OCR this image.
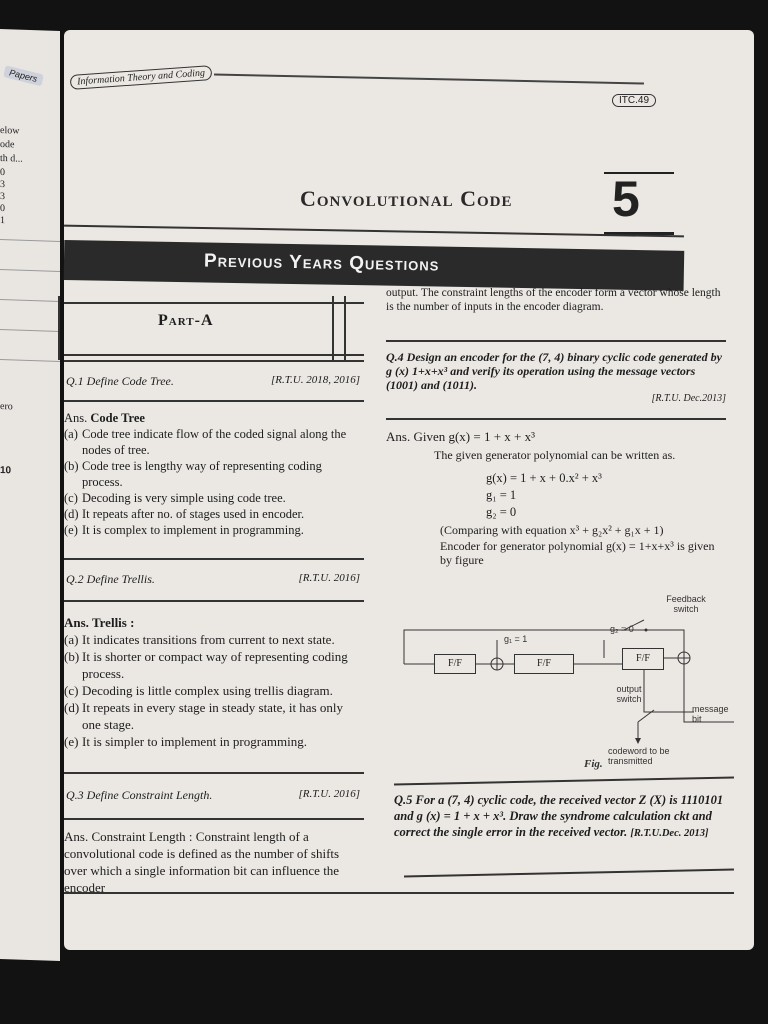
Papers
elow
ode
th d...
0
3
3
0
1
ero
10
Information Theory and Coding
ITC.49
Convolutional Code 5
Previous Years Questions
Part-A
Q.1 Define Code Tree.	[R.T.U. 2018, 2016]
Ans. Code Tree
(a) Code tree indicate flow of the coded signal along the nodes of tree.
(b) Code tree is lengthy way of representing coding process.
(c) Decoding is very simple using code tree.
(d) It repeats after no. of stages used in encoder.
(e) It is complex to implement in programming.
Q.2 Define Trellis.	[R.T.U. 2016]
Ans. Trellis :
(a) It indicates transitions from current to next state.
(b) It is shorter or compact way of representing coding process.
(c) Decoding is little complex using trellis diagram.
(d) It repeats in every stage in steady state, it has only one stage.
(e) It is simpler to implement in programming.
Q.3 Define Constraint Length.	[R.T.U. 2016]
Ans. Constraint Length : Constraint length of a convolutional code is defined as the number of shifts over which a single information bit can influence the encoder
output. The constraint lengths of the encoder form a vector whose length is the number of inputs in the encoder diagram.
Q.4 Design an encoder for the (7, 4) binary cyclic code generated by g (x) 1+x+x³ and verify its operation using the message vectors (1001) and (1011).
[R.T.U. Dec.2013]
Ans. Given g(x) = 1 + x + x³
The given generator polynomial can be written as.
g(x) = 1 + x + 0.x² + x³
g₁ = 1
g₂ = 0
(Comparing with equation x³ + g₂x² + g₁x + 1)
Encoder for generator polynomial g(x) = 1+x+x³ is given by figure
F/F	F/F	F/F
g₁ = 1
g₂ = 0
Feedback switch
output switch
message bit
codeword to be transmitted
Fig.
Q.5 For a (7, 4) cyclic code, the received vector Z (X) is 1110101 and g (x) = 1 + x + x³. Draw the syndrome calculation ckt and correct the single error in the received vector. [R.T.U.Dec. 2013]
